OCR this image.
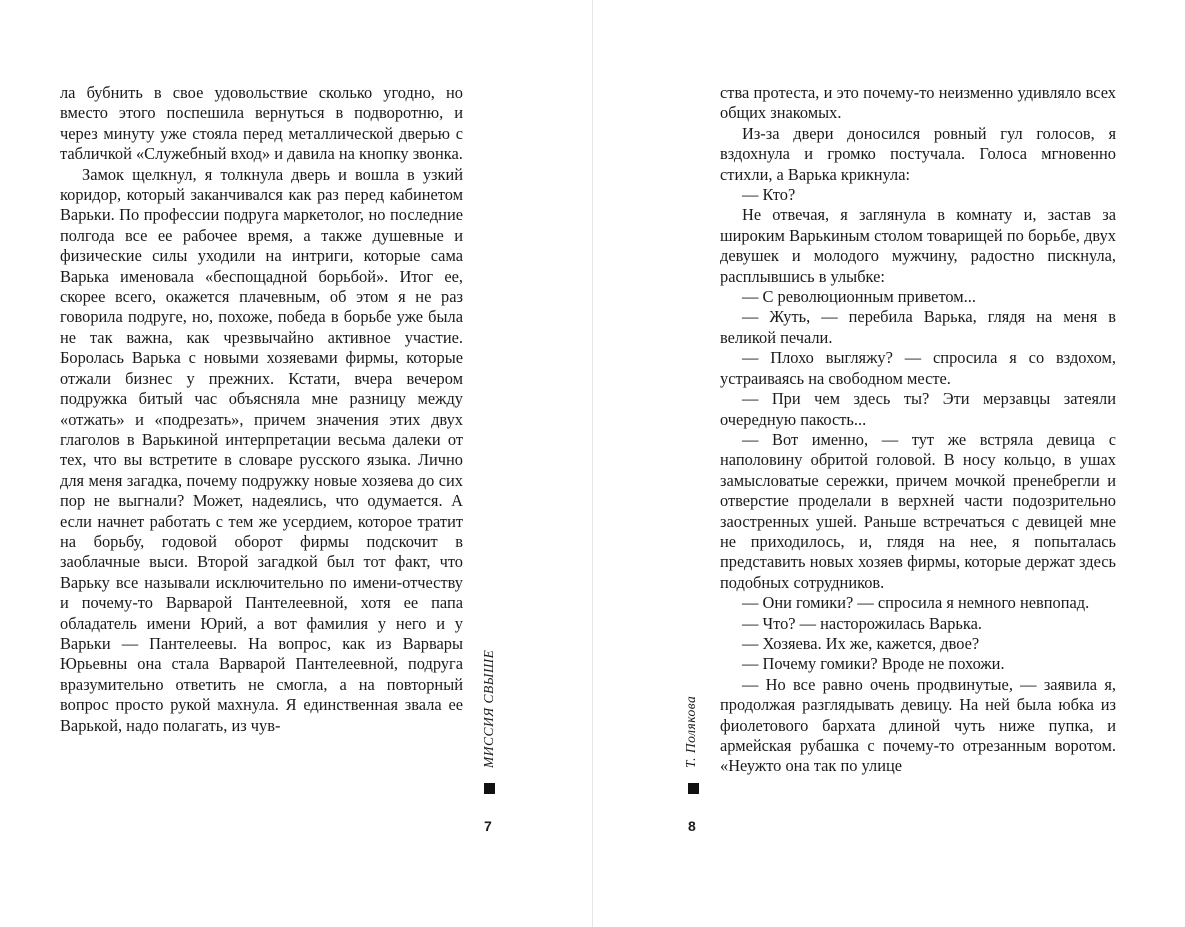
ла бубнить в свое удовольствие сколько угодно, но вместо этого поспешила вернуться в подворотню, и через минуту уже стояла перед металлической дверью с табличкой «Служебный вход» и давила на кнопку звонка.

Замок щелкнул, я толкнула дверь и вошла в узкий коридор, который заканчивался как раз перед кабинетом Варьки. По профессии подруга маркетолог, но последние полгода все ее рабочее время, а также душевные и физические силы уходили на интриги, которые сама Варька именовала «беспощадной борьбой». Итог ее, скорее всего, окажется плачевным, об этом я не раз говорила подруге, но, похоже, победа в борьбе уже была не так важна, как чрезвычайно активное участие. Боролась Варька с новыми хозяевами фирмы, которые отжали бизнес у прежних. Кстати, вчера вечером подружка битый час объясняла мне разницу между «отжать» и «подрезать», причем значения этих двух глаголов в Варькиной интерпретации весьма далеки от тех, что вы встретите в словаре русского языка. Лично для меня загадка, почему подружку новые хозяева до сих пор не выгнали? Может, надеялись, что одумается. А если начнет работать с тем же усердием, которое тратит на борьбу, годовой оборот фирмы подскочит в заоблачные выси. Второй загадкой был тот факт, что Варьку все называли исключительно по имени-отчеству и почему-то Варварой Пантелеевной, хотя ее папа обладатель имени Юрий, а вот фамилия у него и у Варьки — Пантелеевы. На вопрос, как из Варвары Юрьевны она стала Варварой Пантелеевной, подруга вразумительно ответить не смогла, а на повторный вопрос просто рукой махнула. Я единственная звала ее Варькой, надо полагать, из чув-	МИССИЯ СВЫШЕ
7

ства протеста, и это почему-то неизменно удивляло всех общих знакомых.

Из-за двери доносился ровный гул голосов, я вздохнула и громко постучала. Голоса мгновенно стихли, а Варька крикнула:

— Кто?

Не отвечая, я заглянула в комнату и, застав за широким Варькиным столом товарищей по борьбе, двух девушек и молодого мужчину, радостно пискнула, расплывшись в улыбке:

— С революционным приветом...

— Жуть, — перебила Варька, глядя на меня в великой печали.

— Плохо выгляжу? — спросила я со вздохом, устраиваясь на свободном месте.

— При чем здесь ты? Эти мерзавцы затеяли очередную пакость...

— Вот именно, — тут же встряла девица с наполовину обритой головой. В носу кольцо, в ушах замысловатые сережки, причем мочкой пренебрегли и отверстие проделали в верхней части подозрительно заостренных ушей. Раньше встречаться с девицей мне не приходилось, и, глядя на нее, я попыталась представить новых хозяев фирмы, которые держат здесь подобных сотрудников.

— Они гомики? — спросила я немного невпопад.

— Что? — насторожилась Варька.

— Хозяева. Их же, кажется, двое?

— Почему гомики? Вроде не похожи.

— Но все равно очень продвинутые, — заявила я, продолжая разглядывать девицу. На ней была юбка из фиолетового бархата длиной чуть ниже пупка, и армейская рубашка с почему-то отрезанным воротом. «Неужто она так по улице

Т. Полякова
8
